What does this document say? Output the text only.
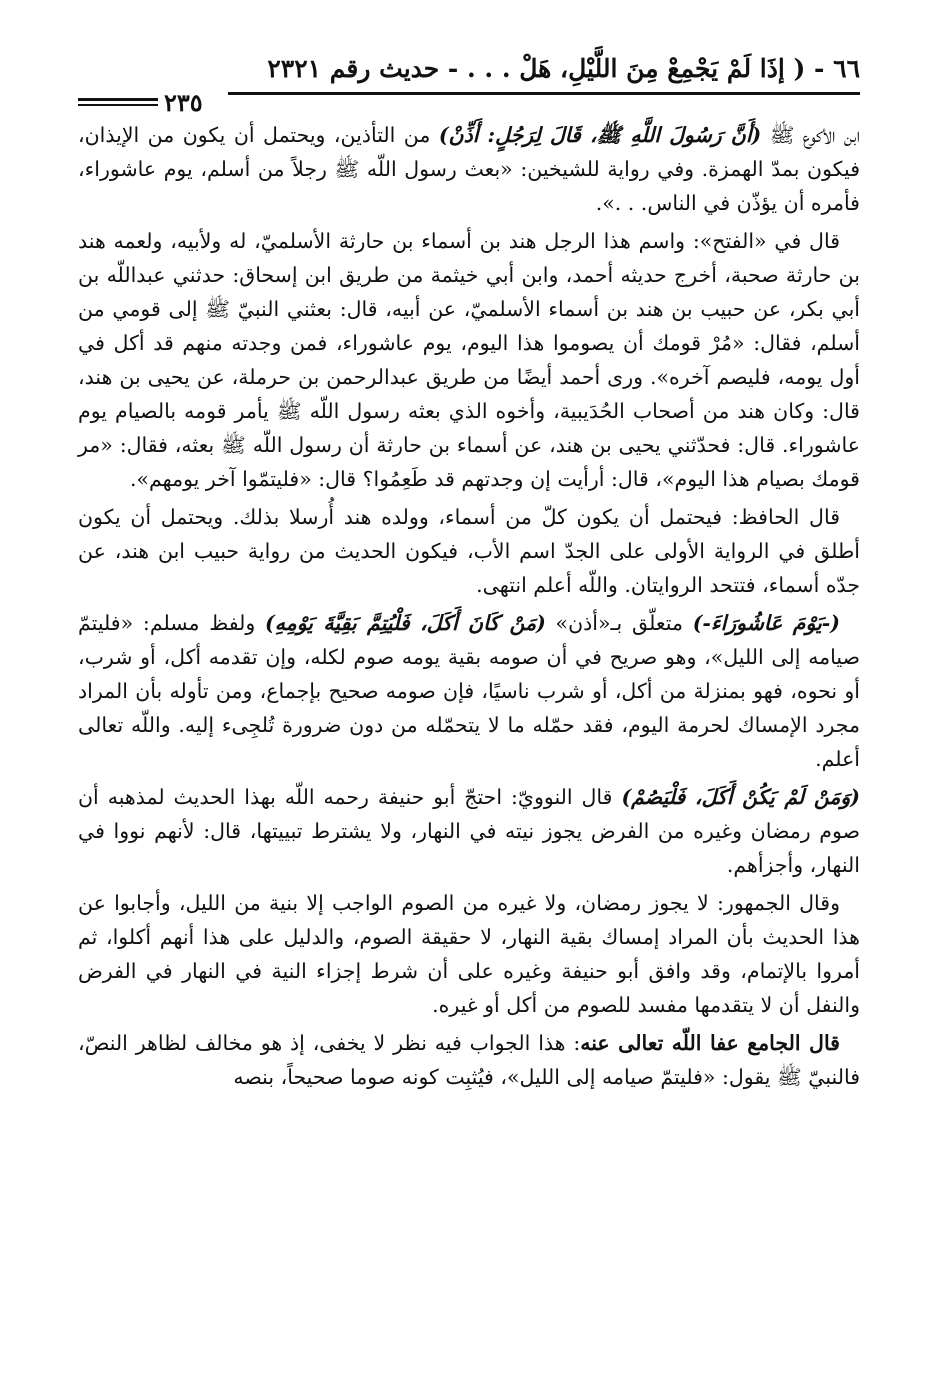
٦٦ - ( إذَا لَمْ يَجْمِعْ مِنَ اللَّيْلِ، هَلْ . . . - حديث رقم ٢٣٢١
٢٣٥

ابن الأكوع ﷺ (أَنَّ رَسُولَ اللَّهِ ﷺ، قَالَ لِرَجُلٍ: أَذِّنْ) من التأذين، ويحتمل أن يكون من الإيذان، فيكون بمدّ الهمزة. وفي رواية للشيخين: «بعث رسول اللّه ﷺ رجلاً من أسلم، يوم عاشوراء، فأمره أن يؤذّن في الناس. . .».

قال في «الفتح»: واسم هذا الرجل هند بن أسماء بن حارثة الأسلميّ، له ولأبيه، ولعمه هند بن حارثة صحبة، أخرج حديثه أحمد، وابن أبي خيثمة من طريق ابن إسحاق: حدثني عبداللّه بن أبي بكر، عن حبيب بن هند بن أسماء الأسلميّ، عن أبيه، قال: بعثني النبيّ ﷺ إلى قومي من أسلم، فقال: «مُرْ قومك أن يصوموا هذا اليوم، يوم عاشوراء، فمن وجدته منهم قد أكل في أول يومه، فليصم آخره». ورى أحمد أيضًا من طريق عبدالرحمن بن حرملة، عن يحيى بن هند، قال: وكان هند من أصحاب الحُدَيبية، وأخوه الذي بعثه رسول اللّه ﷺ يأمر قومه بالصيام يوم عاشوراء. قال: فحدّثني يحيى بن هند، عن أسماء بن حارثة أن رسول اللّه ﷺ بعثه، فقال: «مر قومك بصيام هذا اليوم»، قال: أرأيت إن وجدتهم قد طَعِمُوا؟ قال: «فليتمّوا آخر يومهم».

قال الحافظ: فيحتمل أن يكون كلّ من أسماء، وولده هند أُرسلا بذلك. ويحتمل أن يكون أطلق في الرواية الأولى على الجدّ اسم الأب، فيكون الحديث من رواية حبيب ابن هند، عن جدّه أسماء، فتتحد الروايتان. واللّه أعلم انتهى.

(-يَوْمَ عَاشُورَاءَ-) متعلّق بـ«أذن» (مَنْ كَانَ أَكَلَ، فَلْيُتِمَّ بَقِيَّةَ يَوْمِهِ) ولفظ مسلم: «فليتمّ صيامه إلى الليل»، وهو صريح في أن صومه بقية يومه صوم لكله، وإن تقدمه أكل، أو شرب، أو نحوه، فهو بمنزلة من أكل، أو شرب ناسيًا، فإن صومه صحيح بإجماع، ومن تأوله بأن المراد مجرد الإمساك لحرمة اليوم، فقد حمّله ما لا يتحمّله من دون ضرورة تُلجِىء إليه. واللّه تعالى أعلم.

(وَمَنْ لَمْ يَكُنْ أَكَلَ، فَلْيَصُمْ) قال النوويّ: احتجّ أبو حنيفة رحمه اللّه بهذا الحديث لمذهبه أن صوم رمضان وغيره من الفرض يجوز نيته في النهار، ولا يشترط تبييتها، قال: لأنهم نووا في النهار، وأجزأهم.

وقال الجمهور: لا يجوز رمضان، ولا غيره من الصوم الواجب إلا بنية من الليل، وأجابوا عن هذا الحديث بأن المراد إمساك بقية النهار، لا حقيقة الصوم، والدليل على هذا أنهم أكلوا، ثم أمروا بالإتمام، وقد وافق أبو حنيفة وغيره على أن شرط إجزاء النية في النهار في الفرض والنفل أن لا يتقدمها مفسد للصوم من أكل أو غيره.

قال الجامع عفا اللّه تعالى عنه: هذا الجواب فيه نظر لا يخفى، إذ هو مخالف لظاهر النصّ، فالنبيّ ﷺ يقول: «فليتمّ صيامه إلى الليل»، فيُثبِت كونه صوما صحيحاً، بنصه
